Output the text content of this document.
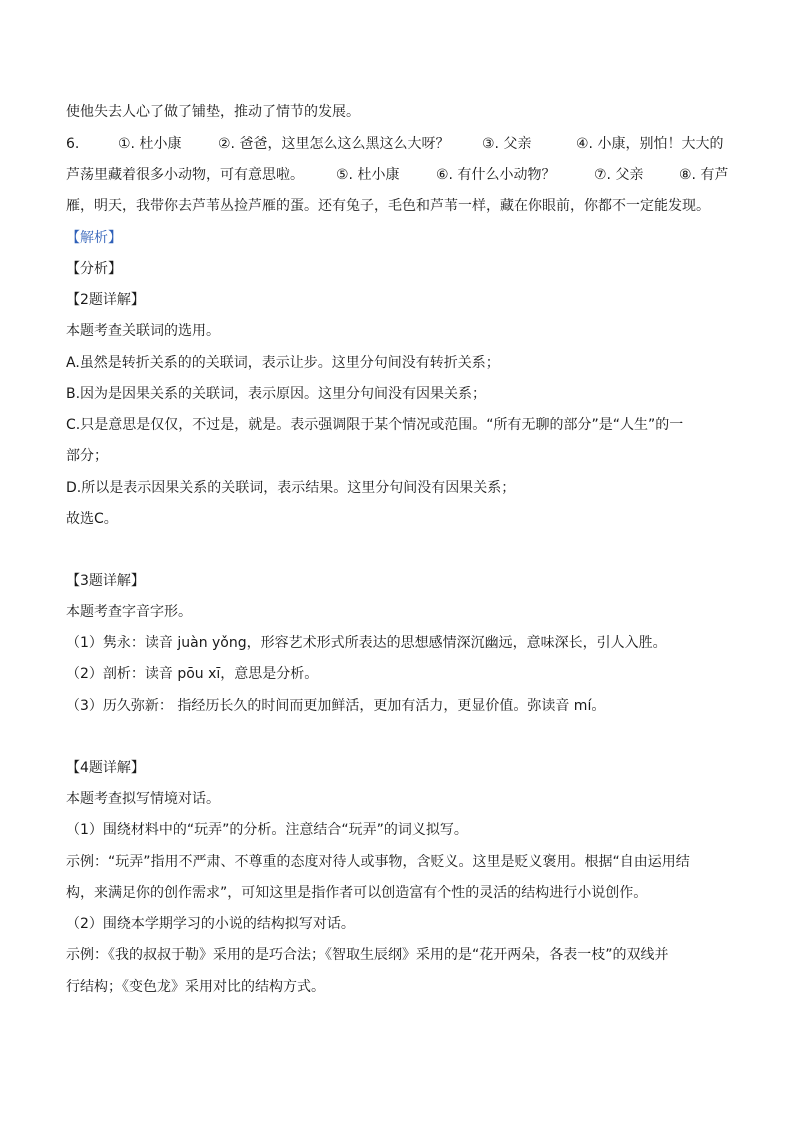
使他失去人心了做了铺垫，推动了情节的发展。
6.	①. 杜小康	②. 爸爸，这里怎么这么黑这么大呀？ ③. 父亲	④. 小康，别怕！大大的
芦荡里藏着很多小动物，可有意思啦。 ⑤. 杜小康	⑥. 有什么小动物？	⑦. 父亲	⑧. 有芦
雁，明天，我带你去芦苇丛捡芦雁的蛋。还有兔子，毛色和芦苇一样，藏在你眼前，你都不一定能发现。
【解析】
【分析】
【2题详解】
本题考查关联词的选用。
A.虽然是转折关系的的关联词，表示让步。这里分句间没有转折关系；
B.因为是因果关系的关联词，表示原因。这里分句间没有因果关系；
C.只是意思是仅仅，不过是，就是。表示强调限于某个情况或范围。“所有无聊的部分”是“人生”的一
部分；
D.所以是表示因果关系的关联词，表示结果。这里分句间没有因果关系；
故选C。
【3题详解】
本题考查字音字形。
（1）隽永：读音 juàn yǒng，形容艺术形式所表达的思想感情深沉幽远，意味深长，引人入胜。
（2）剖析：读音 pōu xī，意思是分析。
（3）历久弥新： 指经历长久的时间而更加鲜活，更加有活力，更显价值。弥读音 mí。
【4题详解】
本题考查拟写情境对话。
（1）围绕材料中的“玩弄”的分析。注意结合“玩弄”的词义拟写。
示例：“玩弄”指用不严肃、不尊重的态度对待人或事物，含贬义。这里是贬义褒用。根据“自由运用结
构，来满足你的创作需求”，可知这里是指作者可以创造富有个性的灵活的结构进行小说创作。
（2）围绕本学期学习的小说的结构拟写对话。
示例：《我的叔叔于勒》采用的是巧合法；《智取生辰纲》采用的是“花开两朵，各表一枝”的双线并
行结构；《变色龙》采用对比的结构方式。
